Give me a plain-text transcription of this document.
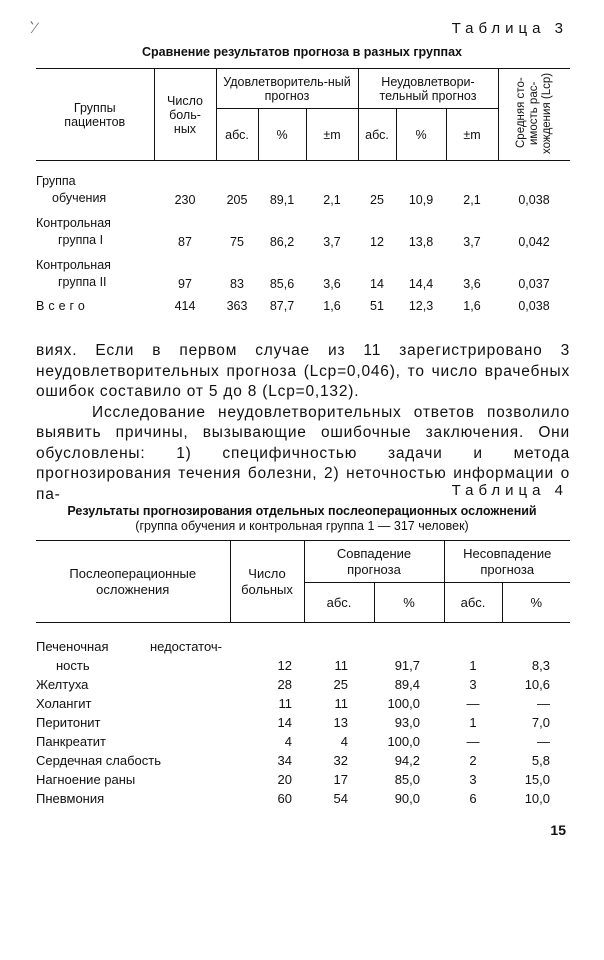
‵∕	Таблица 3
Сравнение результатов прогноза в разных группах
Группы пациентов	Число боль-ных	Удовлетворитель-ный прогноз			Неудовлетвори-тельный прогноз			Средняя сто-имость рас-хождения (Lcp)
		абс.	%	±m	абс.	%	±m	

Группа
обучения	230	205	89,1	2,1	25	10,9	2,1	0,038

Контрольная
группа I	87	75	86,2	3,7	12	13,8	3,7	0,042

Контрольная
группа II	97	83	85,6	3,6	14	14,4	3,6	0,037

Всего	414	363	87,7	1,6	51	12,3	1,6	0,038

виях. Если в первом случае из 11 зарегистрировано 3 неудовлетворительных прогноза (Lср=0,046), то число врачебных ошибок составило от 5 до 8 (Lср=0,132).

Исследование неудовлетворительных ответов позволило выявить причины, вызывающие ошибочные заключения. Они обусловлены: 1) специфичностью задачи и метода прогнозирования течения болезни, 2) неточностью информации о па-	Таблица 4
Результаты прогнозирования отдельных послеоперационных осложнений
(группа обучения и контрольная группа 1 — 317 человек)
Послеоперационные осложнения	Число больных	Совпадение прогноза		Несовпадение прогноза	
		абс.	%	абс.	%

Печеночная недостаточ-					
ность	12	11	91,7	1	8,3
Желтуха	28	25	89,4	3	10,6
Холангит	11	11	100,0	—	—
Перитонит	14	13	93,0	1	7,0
Панкреатит	4	4	100,0	—	—
Сердечная слабость	34	32	94,2	2	5,8
Нагноение раны	20	17	85,0	3	15,0
Пневмония	60	54	90,0	6	10,0
15
